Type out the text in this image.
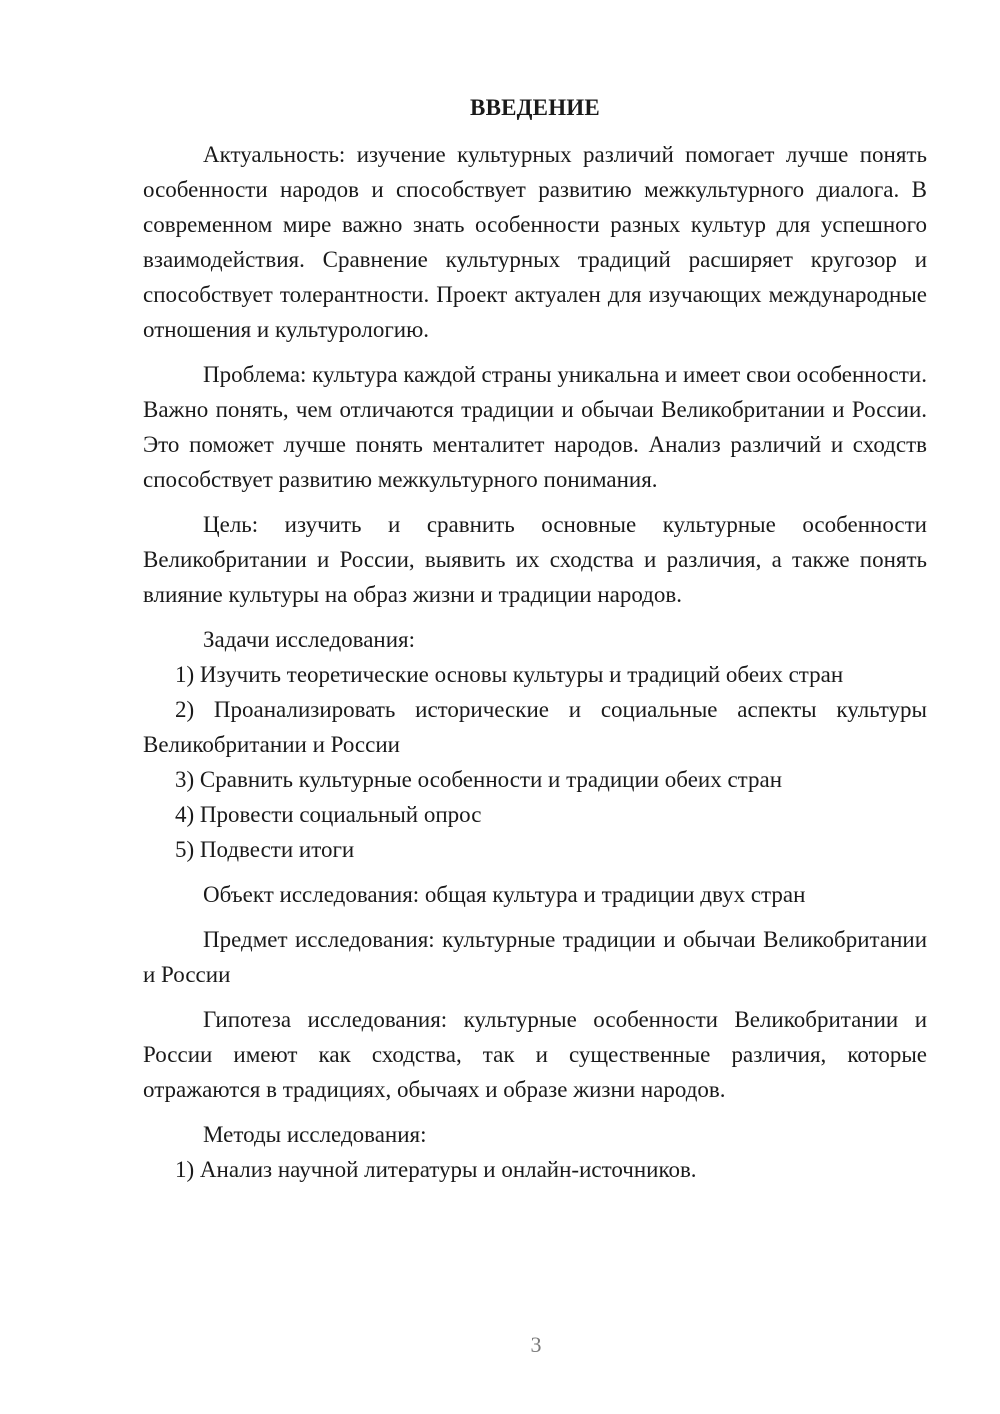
ВВЕДЕНИЕ

Актуальность: изучение культурных различий помогает лучше понять особенности народов и способствует развитию межкультурного диалога. В современном мире важно знать особенности разных культур для успешного взаимодействия. Сравнение культурных традиций расширяет кругозор и способствует толерантности. Проект актуален для изучающих международные отношения и культурологию.

Проблема: культура каждой страны уникальна и имеет свои особенности. Важно понять, чем отличаются традиции и обычаи Великобритании и России. Это поможет лучше понять менталитет народов. Анализ различий и сходств способствует развитию межкультурного понимания.

Цель: изучить и сравнить основные культурные особенности Великобритании и России, выявить их сходства и различия, а также понять влияние культуры на образ жизни и традиции народов.

Задачи исследования:

1) Изучить теоретические основы культуры и традиций обеих стран

2) Проанализировать исторические и социальные аспекты культуры Великобритании и России

3) Сравнить культурные особенности и традиции обеих стран

4) Провести социальный опрос

5) Подвести итоги

Объект исследования: общая культура и традиции двух стран

Предмет исследования: культурные традиции и обычаи Великобритании и России

Гипотеза исследования: культурные особенности Великобритании и России имеют как сходства, так и существенные различия, которые отражаются в традициях, обычаях и образе жизни народов.

Методы исследования:

1) Анализ научной литературы и онлайн-источников.

3
